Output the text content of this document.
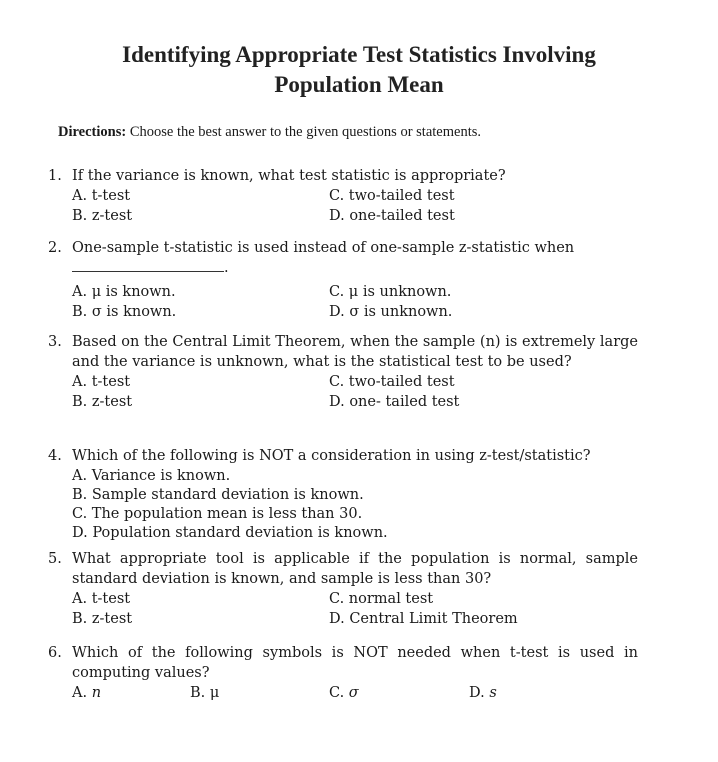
Identifying Appropriate Test Statistics Involving
Population Mean
Directions: Choose the best answer to the given questions or statements.
1. If the variance is known, what test statistic is appropriate?
A. t-test
B. z-test
C. two-tailed test
D. one-tailed test
2. One-sample t-statistic is used instead of one-sample z-statistic when
.
A. μ is known.
B. σ is known.
C. μ is unknown.
D. σ is unknown.
3. Based on the Central Limit Theorem, when the sample (n) is extremely large and the variance is unknown, what is the statistical test to be used?
A. t-test
B. z-test
C. two-tailed test
D. one- tailed test
4. Which of the following is NOT a consideration in using z-test/statistic?
A. Variance is known.
B. Sample standard deviation is known.
C. The population mean is less than 30.
D. Population standard deviation is known.
5. What appropriate tool is applicable if the population is normal, sample standard deviation is known, and sample is less than 30?
A. t-test
B. z-test
C. normal test
D. Central Limit Theorem
6. Which of the following symbols is NOT needed when t-test is used in computing values?
A. n	B. μ	C. σ	D. s
